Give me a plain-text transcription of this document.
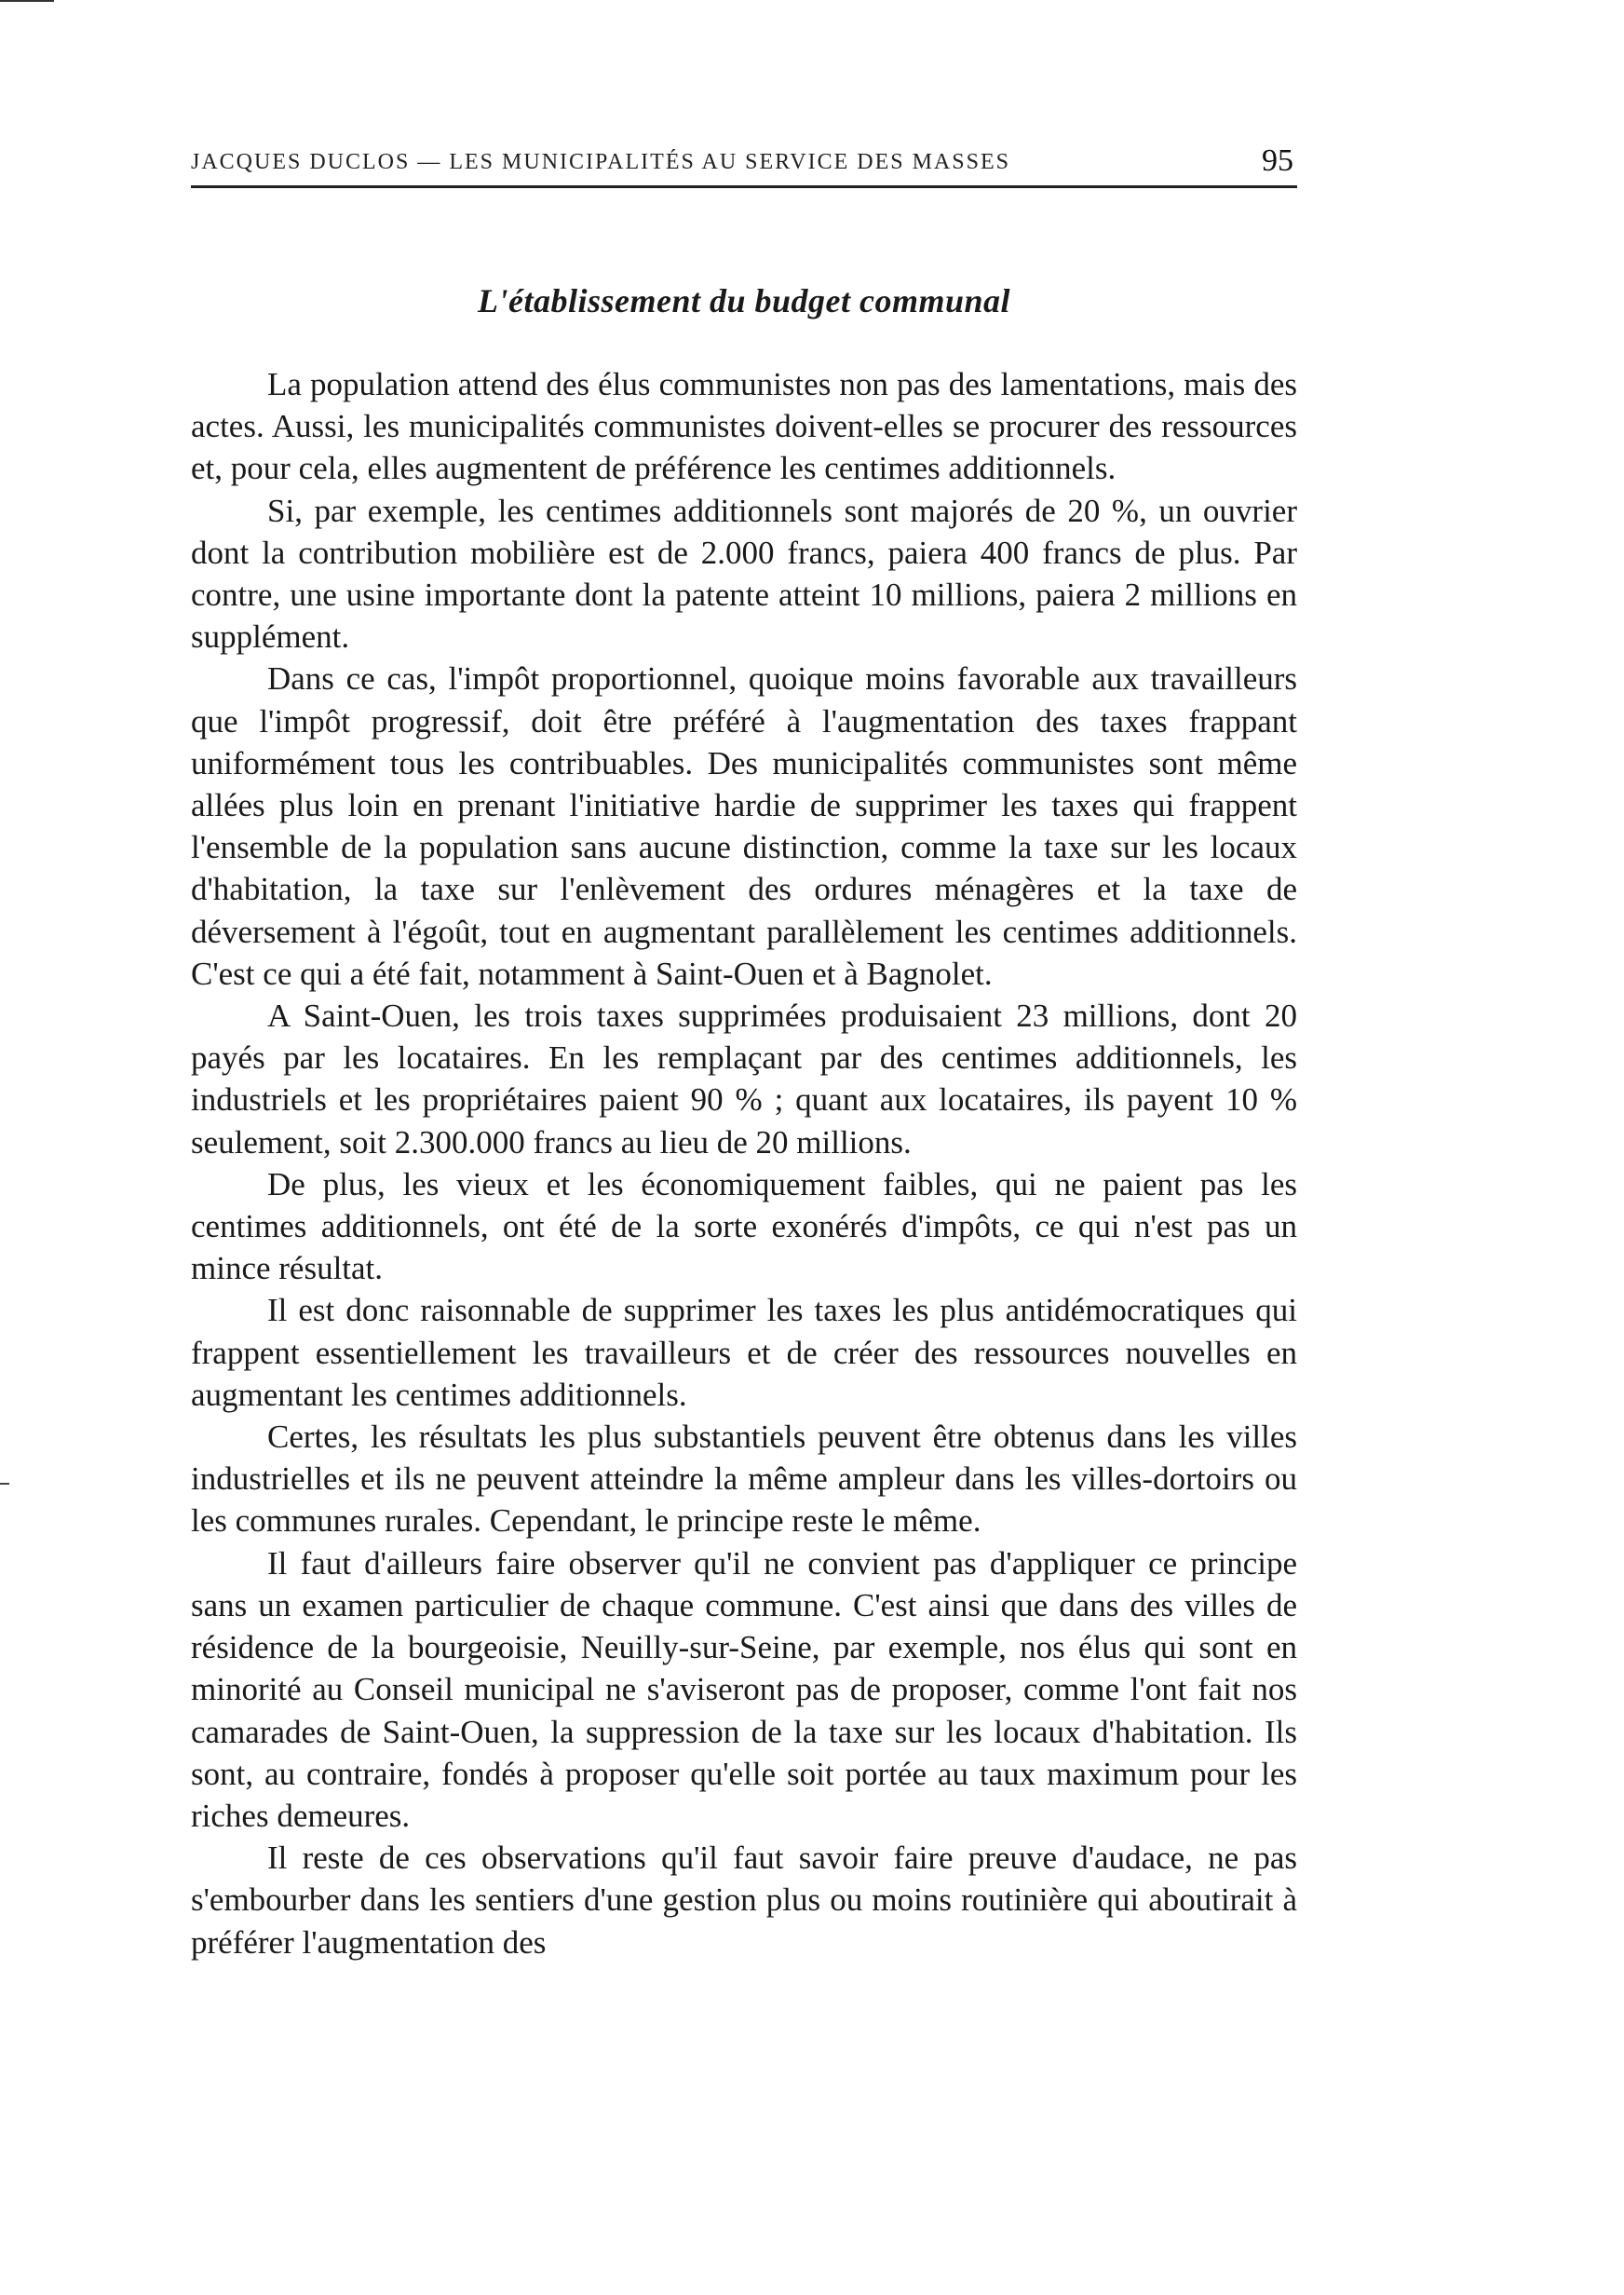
JACQUES DUCLOS — LES MUNICIPALITÉS AU SERVICE DES MASSES	95
L'établissement du budget communal

La population attend des élus communistes non pas des lamentations, mais des actes. Aussi, les municipalités communistes doivent-elles se procurer des ressources et, pour cela, elles augmentent de préférence les centimes additionnels.

Si, par exemple, les centimes additionnels sont majorés de 20 %, un ouvrier dont la contribution mobilière est de 2.000 francs, paiera 400 francs de plus. Par contre, une usine importante dont la patente atteint 10 millions, paiera 2 millions en supplément.

Dans ce cas, l'impôt proportionnel, quoique moins favorable aux travailleurs que l'impôt progressif, doit être préféré à l'augmentation des taxes frappant uniformément tous les contribuables. Des municipalités communistes sont même allées plus loin en prenant l'initiative hardie de supprimer les taxes qui frappent l'ensemble de la population sans aucune distinction, comme la taxe sur les locaux d'habitation, la taxe sur l'enlèvement des ordures ménagères et la taxe de déversement à l'égoût, tout en augmentant parallèlement les centimes additionnels. C'est ce qui a été fait, notamment à Saint-Ouen et à Bagnolet.

A Saint-Ouen, les trois taxes supprimées produisaient 23 millions, dont 20 payés par les locataires. En les remplaçant par des centimes additionnels, les industriels et les propriétaires paient 90 % ; quant aux locataires, ils payent 10 % seulement, soit 2.300.000 francs au lieu de 20 millions.

De plus, les vieux et les économiquement faibles, qui ne paient pas les centimes additionnels, ont été de la sorte exonérés d'impôts, ce qui n'est pas un mince résultat.

Il est donc raisonnable de supprimer les taxes les plus antidémocratiques qui frappent essentiellement les travailleurs et de créer des ressources nouvelles en augmentant les centimes additionnels.

Certes, les résultats les plus substantiels peuvent être obtenus dans les villes industrielles et ils ne peuvent atteindre la même ampleur dans les villes-dortoirs ou les communes rurales. Cependant, le principe reste le même.

Il faut d'ailleurs faire observer qu'il ne convient pas d'appliquer ce principe sans un examen particulier de chaque commune. C'est ainsi que dans des villes de résidence de la bourgeoisie, Neuilly-sur-Seine, par exemple, nos élus qui sont en minorité au Conseil municipal ne s'aviseront pas de proposer, comme l'ont fait nos camarades de Saint-Ouen, la suppression de la taxe sur les locaux d'habitation. Ils sont, au contraire, fondés à proposer qu'elle soit portée au taux maximum pour les riches demeures.

Il reste de ces observations qu'il faut savoir faire preuve d'audace, ne pas s'embourber dans les sentiers d'une gestion plus ou moins routinière qui aboutirait à préférer l'augmentation des
